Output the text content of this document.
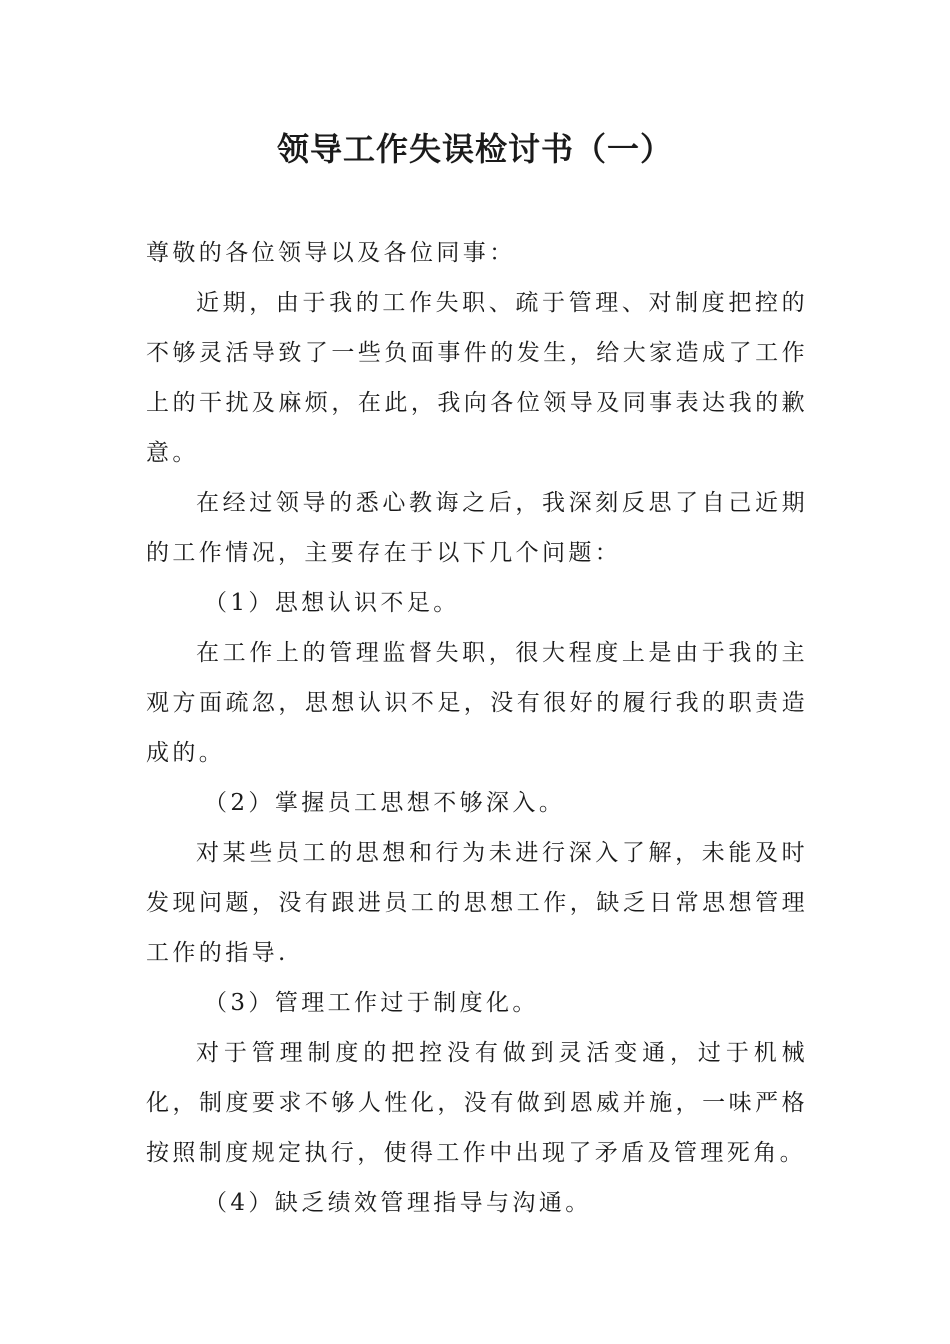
领导工作失误检讨书（一）

尊敬的各位领导以及各位同事：

近期，由于我的工作失职、疏于管理、对制度把控的不够灵活导致了一些负面事件的发生，给大家造成了工作上的干扰及麻烦，在此，我向各位领导及同事表达我的歉意。

在经过领导的悉心教诲之后，我深刻反思了自己近期的工作情况，主要存在于以下几个问题：

（1）思想认识不足。

在工作上的管理监督失职，很大程度上是由于我的主观方面疏忽，思想认识不足，没有很好的履行我的职责造成的。

（2）掌握员工思想不够深入。

对某些员工的思想和行为未进行深入了解，未能及时发现问题，没有跟进员工的思想工作，缺乏日常思想管理工作的指导.

（3）管理工作过于制度化。

对于管理制度的把控没有做到灵活变通，过于机械化，制度要求不够人性化，没有做到恩威并施，一味严格按照制度规定执行，使得工作中出现了矛盾及管理死角。

（4）缺乏绩效管理指导与沟通。
